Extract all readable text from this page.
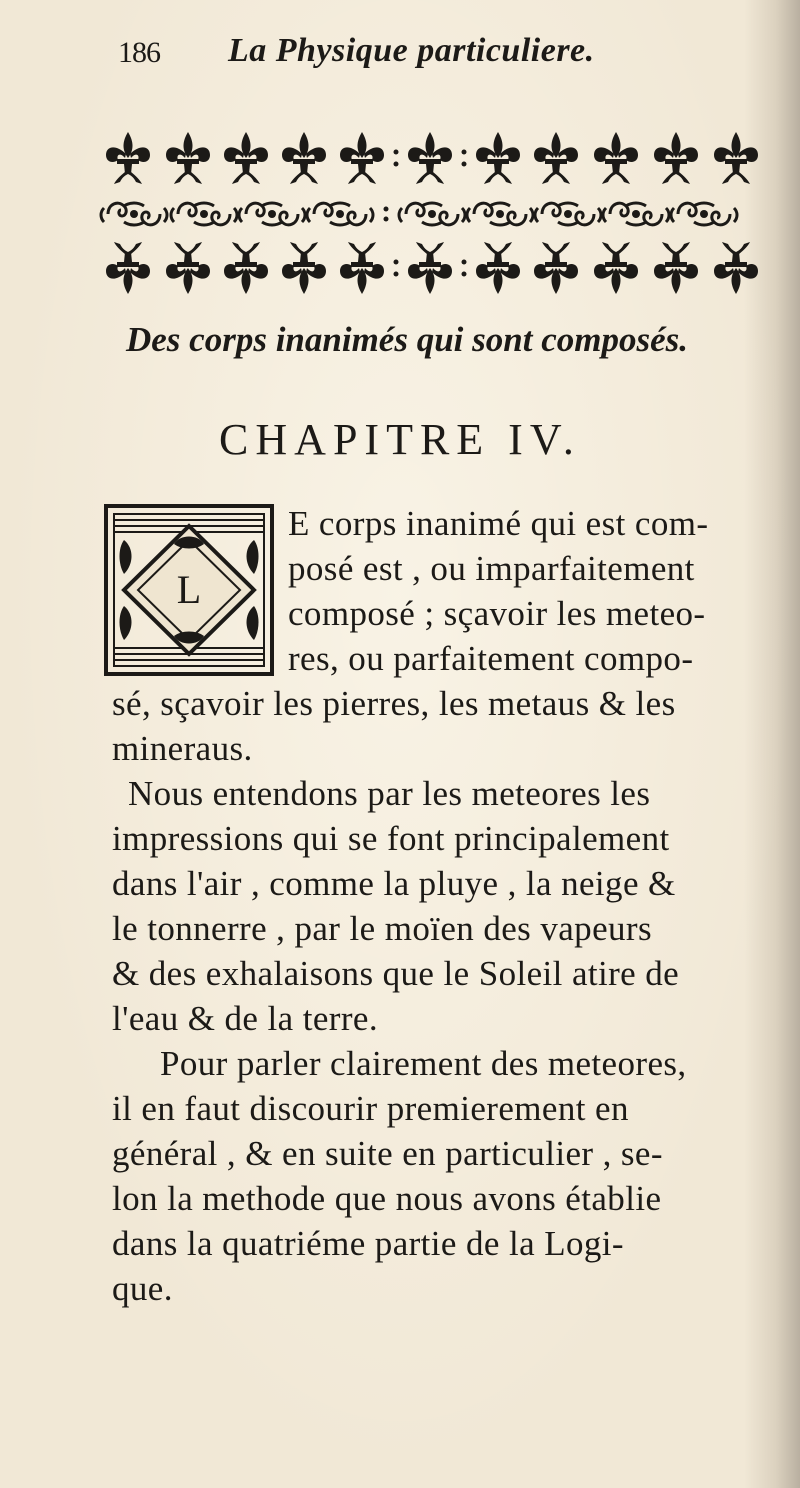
186 La Physique particuliere.
Des corps inanimés qui sont composés.
CHAPITRE IV.
L
E corps inanimé qui est com-
posé est , ou imparfaitement
composé ; sçavoir les meteo-
res, ou parfaitement compo-
sé, sçavoir les pierres, les metaus & les
mineraus.
Nous entendons par les meteores les
impressions qui se font principalement
dans l'air , comme la pluye , la neige &
le tonnerre , par le moïen des vapeurs
& des exhalaisons que le Soleil atire de
l'eau & de la terre.
Pour parler clairement des meteores,
il en faut discourir premierement en
général , & en suite en particulier , se-
lon la methode que nous avons établie
dans la quatriéme partie de la Logi-
que.
